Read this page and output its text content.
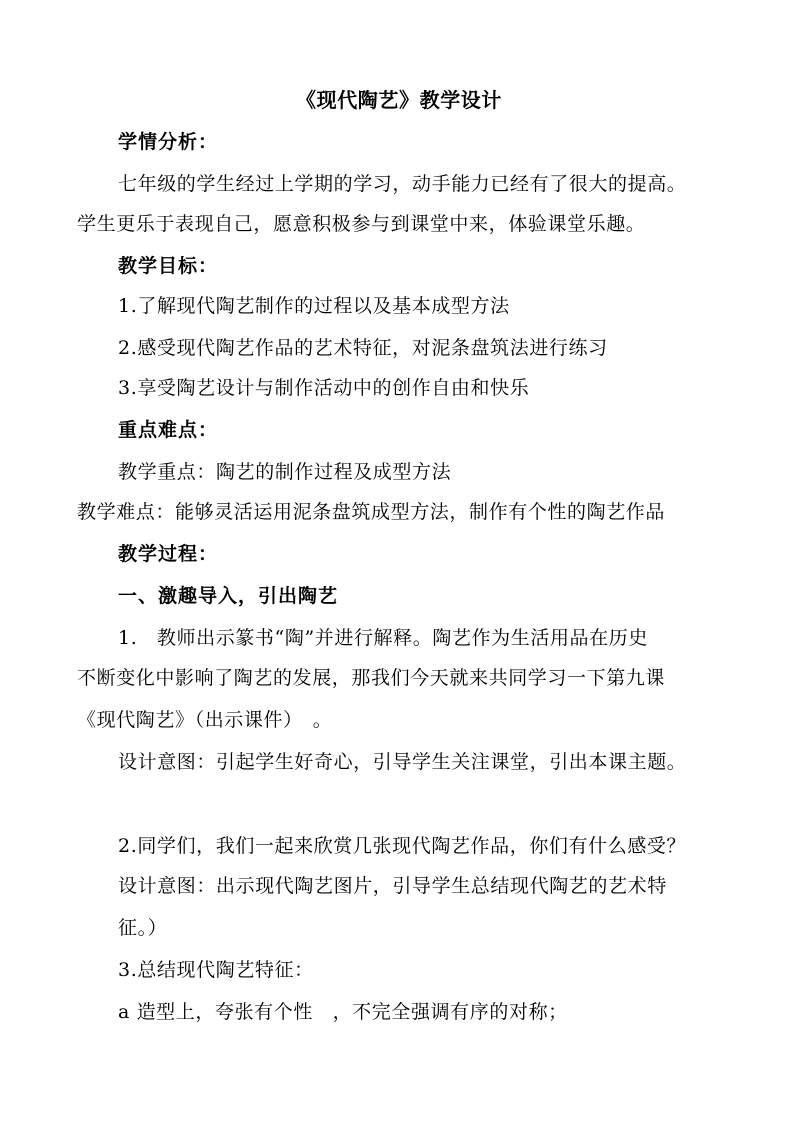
《现代陶艺》教学设计
学情分析：
七年级的学生经过上学期的学习，动手能力已经有了很大的提高。
学生更乐于表现自己，愿意积极参与到课堂中来，体验课堂乐趣。
教学目标：
1.了解现代陶艺制作的过程以及基本成型方法
2.感受现代陶艺作品的艺术特征，对泥条盘筑法进行练习
3.享受陶艺设计与制作活动中的创作自由和快乐
重点难点：
教学重点：陶艺的制作过程及成型方法
教学难点：能够灵活运用泥条盘筑成型方法，制作有个性的陶艺作品
教学过程：
一、激趣导入，引出陶艺
1.　教师出示篆书“陶”并进行解释。陶艺作为生活用品在历史
不断变化中影响了陶艺的发展，那我们今天就来共同学习一下第九课
《现代陶艺》（出示课件）　。
设计意图：引起学生好奇心，引导学生关注课堂，引出本课主题。
2.同学们，我们一起来欣赏几张现代陶艺作品，你们有什么感受？
设计意图：出示现代陶艺图片，引导学生总结现代陶艺的艺术特
征。）
3.总结现代陶艺特征：
a 造型上，夸张有个性　，不完全强调有序的对称；
